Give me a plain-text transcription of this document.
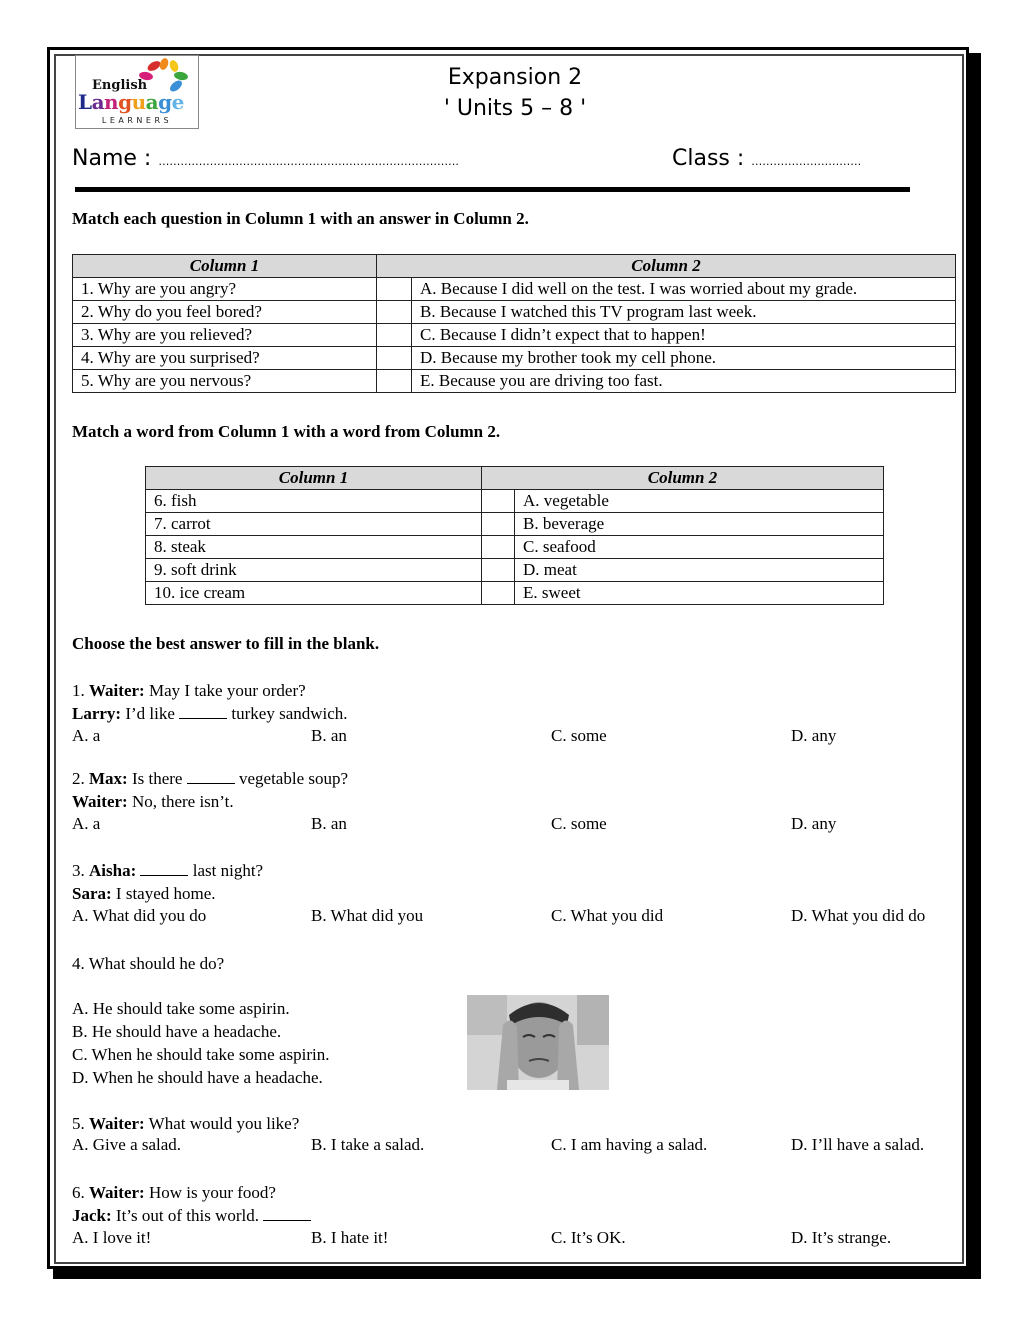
English
Language
LEARNERS
Expansion 2
' Units 5 – 8 '
Name : ……………………………………………………………………….	Class : …………………………
Match each question in Column 1 with an answer in Column 2.
Column 1	Column 2	
1. Why are you angry?		A. Because I did well on the test. I was worried about my grade.
2. Why do you feel bored?		B. Because I watched this TV program last week.
3. Why are you relieved?		C. Because I didn’t expect that to happen!
4. Why are you surprised?		D. Because my brother took my cell phone.
5. Why are you nervous?		E. Because you are driving too fast.
Match a word from Column 1 with a word from Column 2.
Column 1	Column 2	
6. fish		A. vegetable
7. carrot		B. beverage
8. steak		C. seafood
9. soft drink		D. meat
10. ice cream		E. sweet
Choose the best answer to fill in the blank.
1. Waiter: May I take your order?
Larry: I’d like	turkey sandwich.
A. a	B. an	C. some	D. any
2. Max: Is there	vegetable soup?
Waiter: No, there isn’t.
A. a	B. an	C. some	D. any
3. Aisha:	last night?
Sara: I stayed home.
A. What did you do	B. What did you	C. What you did	D. What you did do
4. What should he do?
A. He should take some aspirin.
B. He should have a headache.
C. When he should take some aspirin.
D. When he should have a headache.
5. Waiter: What would you like?
A. Give a salad.	B. I take a salad.	C. I am having a salad.	D. I’ll have a salad.
6. Waiter: How is your food?
Jack: It’s out of this world.
A. I love it!	B. I hate it!	C. It’s OK.	D. It’s strange.
